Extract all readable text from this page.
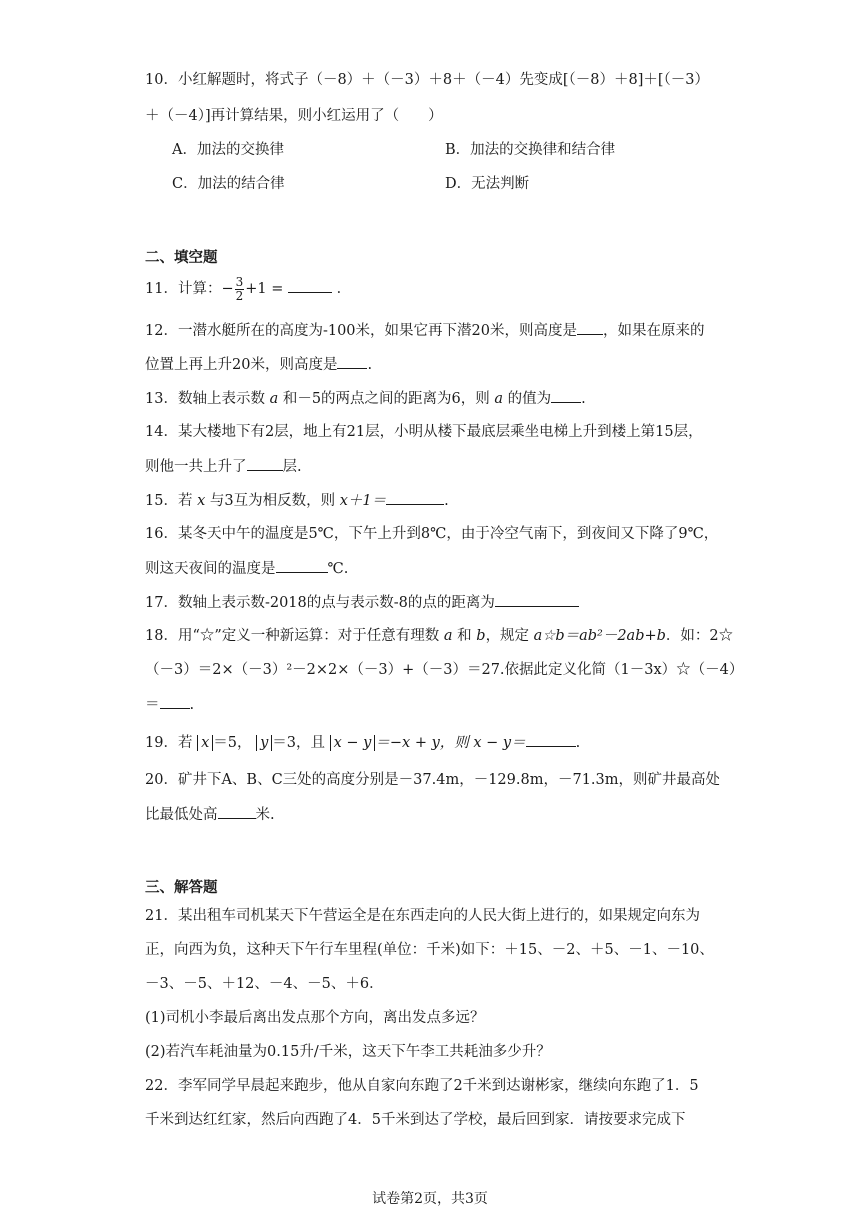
10．小红解题时，将式子（－8）＋（－3）＋8＋（－4）先变成[（－8）＋8]＋[（－3）
＋（－4）]再计算结果，则小红运用了（　　）
A．加法的交换律	B．加法的交换律和结合律
C．加法的结合律	D．无法判断
二、填空题
11．计算：− $\frac{3}{2} +1$ =	．
12．一潜水艇所在的高度为-100米，如果它再下潜20米，则高度是 ，如果在原来的
位置上再上升20米，则高度是 .
13．数轴上表示数 a 和－5的两点之间的距离为6，则 a 的值为 .
14．某大楼地下有2层，地上有21层，小明从楼下最底层乘坐电梯上升到楼上第15层，
则他一共上升了 层.
15．若 x 与3互为相反数，则 x＋1＝	.
16．某冬天中午的温度是5℃，下午上升到8℃，由于冷空气南下，到夜间又下降了9℃，
则这天夜间的温度是	℃.
17．数轴上表示数-2018的点与表示数-8的点的距离为
18．用“☆”定义一种新运算：对于任意有理数 a 和 b，规定 a☆b＝ab²－2ab+b．如：2☆
（－3）＝2×（－3）²－2×2×（－3）+（－3）＝27.依据此定义化简（1－3x）☆（－4）
＝ .
19．若 x ＝5， y ＝3，且 x − y ＝−x + y，则 x − y＝	.
20．矿井下A、B、C三处的高度分别是－37.4m，－129.8m，－71.3m，则矿井最高处
比最低处高	米.
三、解答题
21．某出租车司机某天下午营运全是在东西走向的人民大街上进行的，如果规定向东为
正，向西为负，这种天下午行车里程(单位：千米)如下：＋15、－2、＋5、－1、－10、
－3、－5、＋12、－4、－5、＋6．
(1)司机小李最后离出发点那个方向，离出发点多远？
(2)若汽车耗油量为0.15升/千米，这天下午李工共耗油多少升？
22．李军同学早晨起来跑步，他从自家向东跑了2千米到达谢彬家，继续向东跑了1．5
千米到达红红家，然后向西跑了4．5千米到达了学校，最后回到家．请按要求完成下
试卷第2页，共3页
